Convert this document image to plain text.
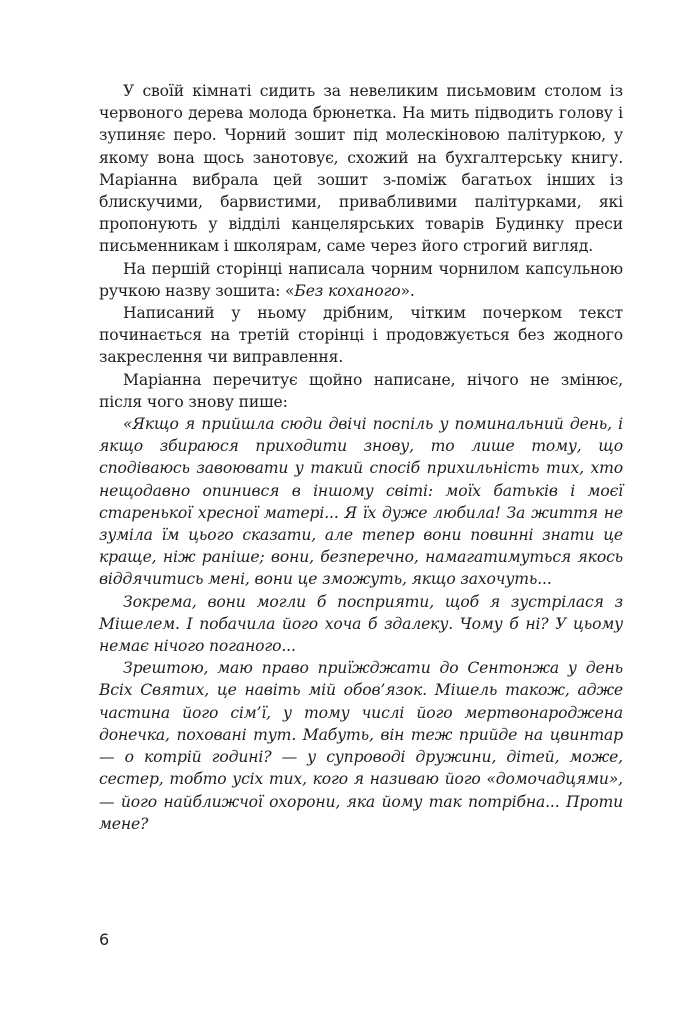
У своїй кімнаті сидить за невеликим письмовим столом із червоного дерева молода брюнетка. На мить підводить голову і зупиняє перо. Чорний зошит під молескіновою палітуркою, у якому вона щось занотовує, схожий на бухгалтерську книгу. Маріанна вибрала цей зошит з-поміж багатьох інших із блискучими, барвистими, привабливими палітурками, які пропонують у відділі канцелярських товарів Будинку преси письменникам і школярам, саме через його строгий вигляд.

На першій сторінці написала чорним чорнилом капсульною ручкою назву зошита: «Без коханого».

Написаний у ньому дрібним, чітким почерком текст починається на третій сторінці і продовжується без жодного закреслення чи виправлення.

Маріанна перечитує щойно написане, нічого не змінює, після чого знову пише:

«Якщо я прийшла сюди двічі поспіль у поминальний день, і якщо збираюся приходити знову, то лише тому, що сподіваюсь завоювати у такий спосіб прихильність тих, хто нещодавно опинився в іншому світі: моїх батьків і моєї старенької хресної матері... Я їх дуже любила! За життя не зуміла їм цього сказати, але тепер вони повинні знати це краще, ніж раніше; вони, безперечно, намагатимуться якось віддячитись мені, вони це зможуть, якщо захочуть...

Зокрема, вони могли б посприяти, щоб я зустрілася з Мішелем. І побачила його хоча б здалеку. Чому б ні? У цьому немає нічого поганого...

Зрештою, маю право приїжджати до Сентонжа у день Всіх Святих, це навіть мій обов’язок. Мішель також, адже частина його сім’ї, у тому числі його мертвонароджена донечка, поховані тут. Мабуть, він теж прийде на цвинтар — о котрій годині? — у супроводі дружини, дітей, може, сестер, тобто усіх тих, кого я називаю його «домочадцями», — його найближчої охорони, яка йому так потрібна... Проти мене?

6
